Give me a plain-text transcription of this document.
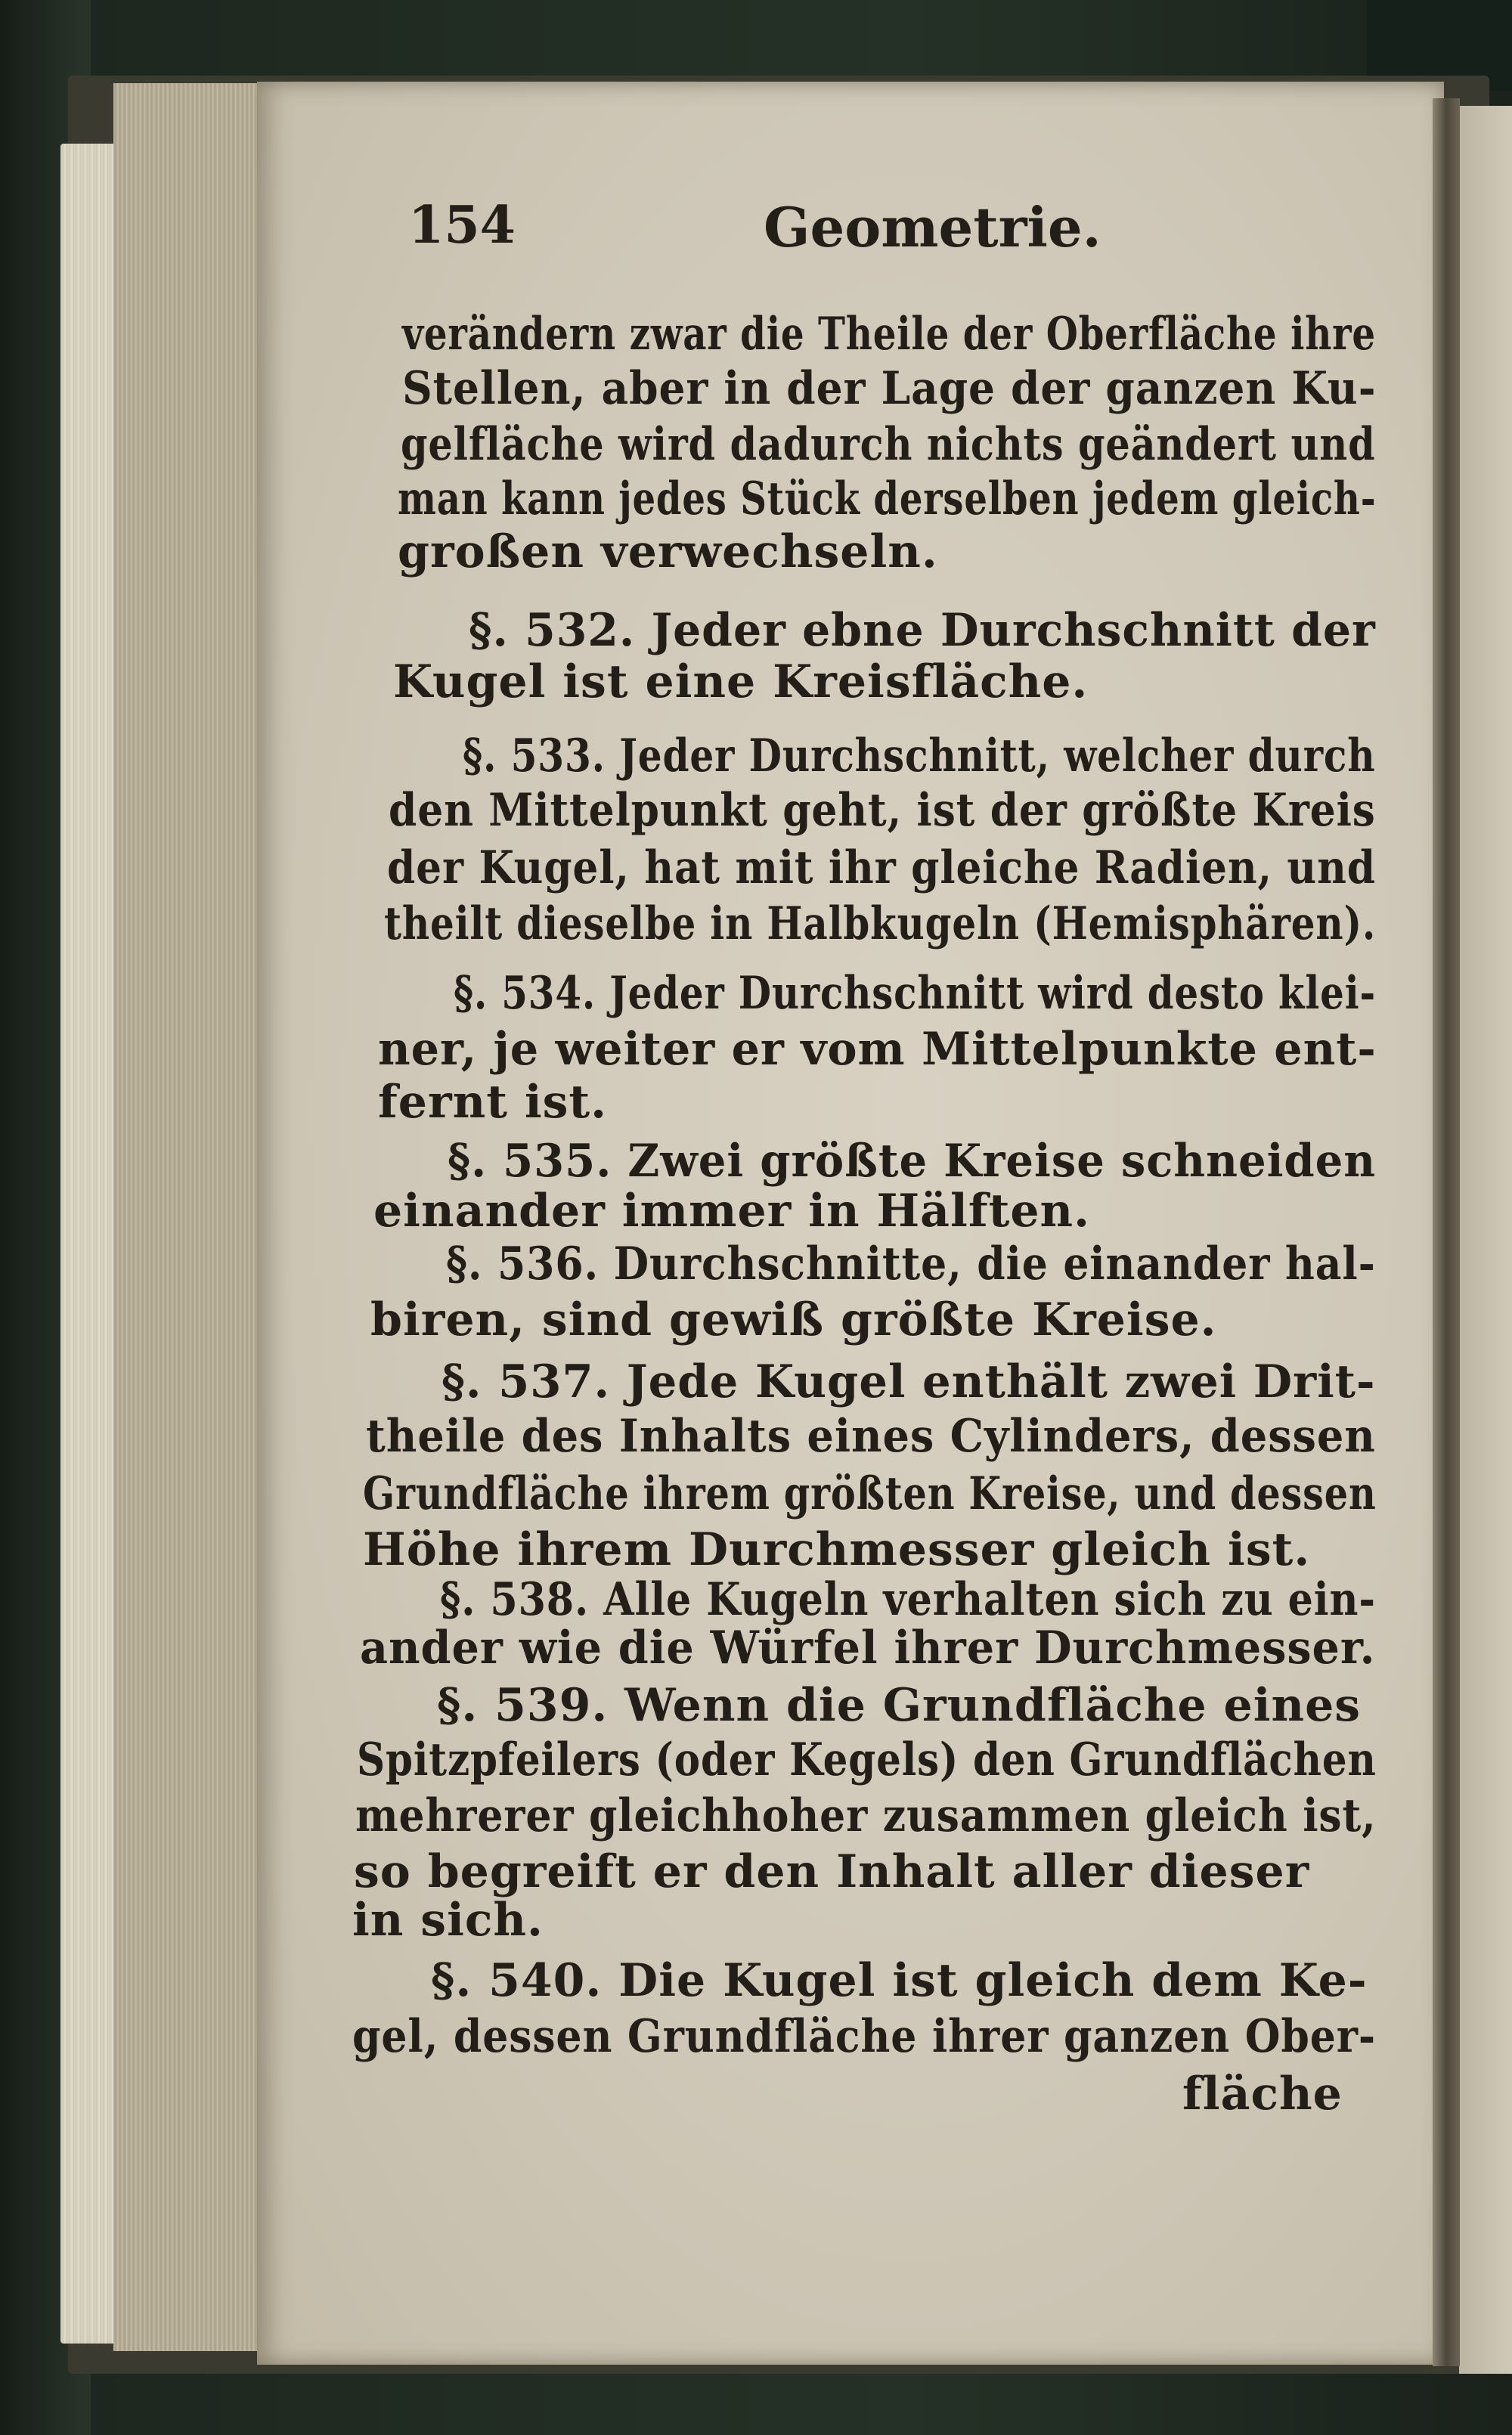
154	Geometrie.
verändern zwar die Theile der Oberfläche ihre
Stellen, aber in der Lage der ganzen Ku-
gelfläche wird dadurch nichts geändert und
man kann jedes Stück derselben jedem gleich-
großen verwechseln.
§. 532. Jeder ebne Durchschnitt der
Kugel ist eine Kreisfläche.
§. 533. Jeder Durchschnitt, welcher durch
den Mittelpunkt geht, ist der größte Kreis
der Kugel, hat mit ihr gleiche Radien, und
theilt dieselbe in Halbkugeln (Hemisphären).
§. 534. Jeder Durchschnitt wird desto klei-
ner, je weiter er vom Mittelpunkte ent-
fernt ist.
§. 535. Zwei größte Kreise schneiden
einander immer in Hälften.
§. 536. Durchschnitte, die einander hal-
biren, sind gewiß größte Kreise.
§. 537. Jede Kugel enthält zwei Drit-
theile des Inhalts eines Cylinders, dessen
Grundfläche ihrem größten Kreise, und dessen
Höhe ihrem Durchmesser gleich ist.
§. 538. Alle Kugeln verhalten sich zu ein-
ander wie die Würfel ihrer Durchmesser.
§. 539. Wenn die Grundfläche eines
Spitzpfeilers (oder Kegels) den Grundflächen
mehrerer gleichhoher zusammen gleich ist,
so begreift er den Inhalt aller dieser
in sich.
§. 540. Die Kugel ist gleich dem Ke-
gel, dessen Grundfläche ihrer ganzen Ober-
fläche
